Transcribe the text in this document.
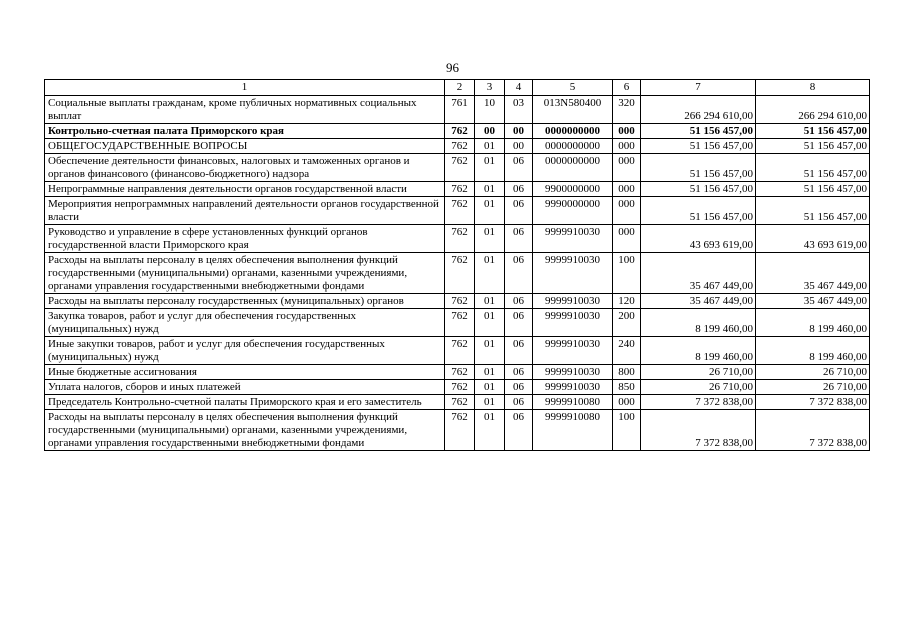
96
1	2	3	4	5	6	7	8
Социальные выплаты гражданам, кроме публичных нормативных социальных выплат	761	10	03	013N580400	320	266 294 610,00	266 294 610,00
Контрольно-счетная палата Приморского края	762	00	00	0000000000	000	51 156 457,00	51 156 457,00
ОБЩЕГОСУДАРСТВЕННЫЕ ВОПРОСЫ	762	01	00	0000000000	000	51 156 457,00	51 156 457,00
Обеспечение деятельности финансовых, налоговых и таможенных органов и органов финансового (финансово-бюджетного) надзора	762	01	06	0000000000	000	51 156 457,00	51 156 457,00
Непрограммные направления деятельности органов государственной власти	762	01	06	9900000000	000	51 156 457,00	51 156 457,00
Мероприятия непрограммных направлений деятельности органов государственной власти	762	01	06	9990000000	000	51 156 457,00	51 156 457,00
Руководство и управление в сфере установленных функций органов государственной власти Приморского края	762	01	06	9999910030	000	43 693 619,00	43 693 619,00
Расходы на выплаты персоналу в целях обеспечения выполнения функций государственными (муниципальными) органами, казенными учреждениями, органами управления государственными внебюджетными фондами	762	01	06	9999910030	100	35 467 449,00	35 467 449,00
Расходы на выплаты персоналу государственных (муниципальных) органов	762	01	06	9999910030	120	35 467 449,00	35 467 449,00
Закупка товаров, работ и услуг для обеспечения государственных (муниципальных) нужд	762	01	06	9999910030	200	8 199 460,00	8 199 460,00
Иные закупки товаров, работ и услуг для обеспечения государственных (муниципальных) нужд	762	01	06	9999910030	240	8 199 460,00	8 199 460,00
Иные бюджетные ассигнования	762	01	06	9999910030	800	26 710,00	26 710,00
Уплата налогов, сборов и иных платежей	762	01	06	9999910030	850	26 710,00	26 710,00
Председатель Контрольно-счетной палаты Приморского края и его заместитель	762	01	06	9999910080	000	7 372 838,00	7 372 838,00
Расходы на выплаты персоналу в целях обеспечения выполнения функций государственными (муниципальными) органами, казенными учреждениями, органами управления государственными внебюджетными фондами	762	01	06	9999910080	100	7 372 838,00	7 372 838,00
